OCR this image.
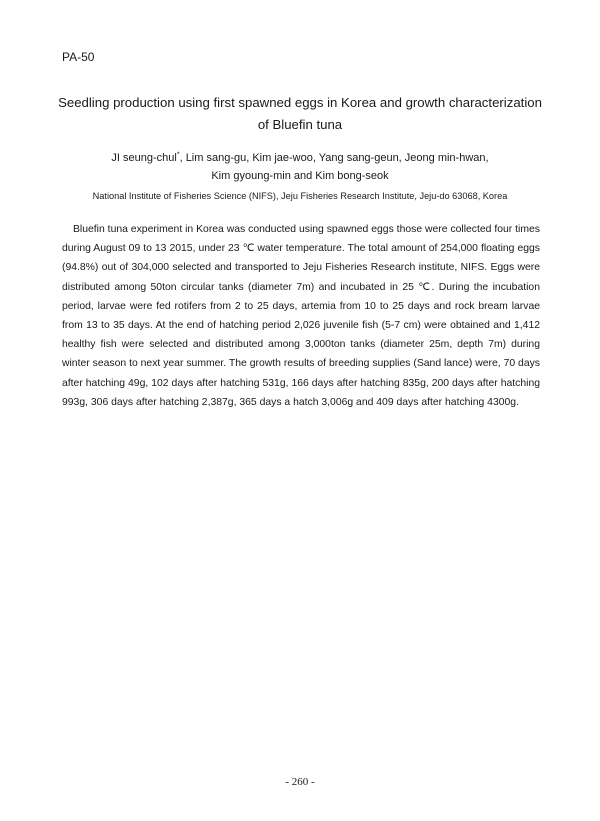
PA-50
Seedling production using first spawned eggs in Korea and growth characterization
of Bluefin tuna
JI seung-chul*, Lim sang-gu, Kim jae-woo, Yang sang-geun, Jeong min-hwan,
Kim gyoung-min and Kim bong-seok
National Institute of Fisheries Science (NIFS), Jeju Fisheries Research Institute, Jeju-do 63068, Korea

Bluefin tuna experiment in Korea was conducted using spawned eggs those were collected four times during August 09 to 13 2015, under 23 ℃ water temperature. The total amount of 254,000 floating eggs (94.8%) out of 304,000 selected and transported to Jeju Fisheries Research institute, NIFS. Eggs were distributed among 50ton circular tanks (diameter 7m) and incubated in 25 ℃. During the incubation period, larvae were fed rotifers from 2 to 25 days, artemia from 10 to 25 days and rock bream larvae from 13 to 35 days. At the end of hatching period 2,026 juvenile fish (5-7 cm) were obtained and 1,412 healthy fish were selected and distributed among 3,000ton tanks (diameter 25m, depth 7m) during winter season to next year summer. The growth results of breeding supplies (Sand lance) were, 70 days after hatching 49g, 102 days after hatching 531g, 166 days after hatching 835g, 200 days after hatching 993g, 306 days after hatching 2,387g, 365 days a hatch 3,006g and 409 days after hatching 4300g.

- 260 -
